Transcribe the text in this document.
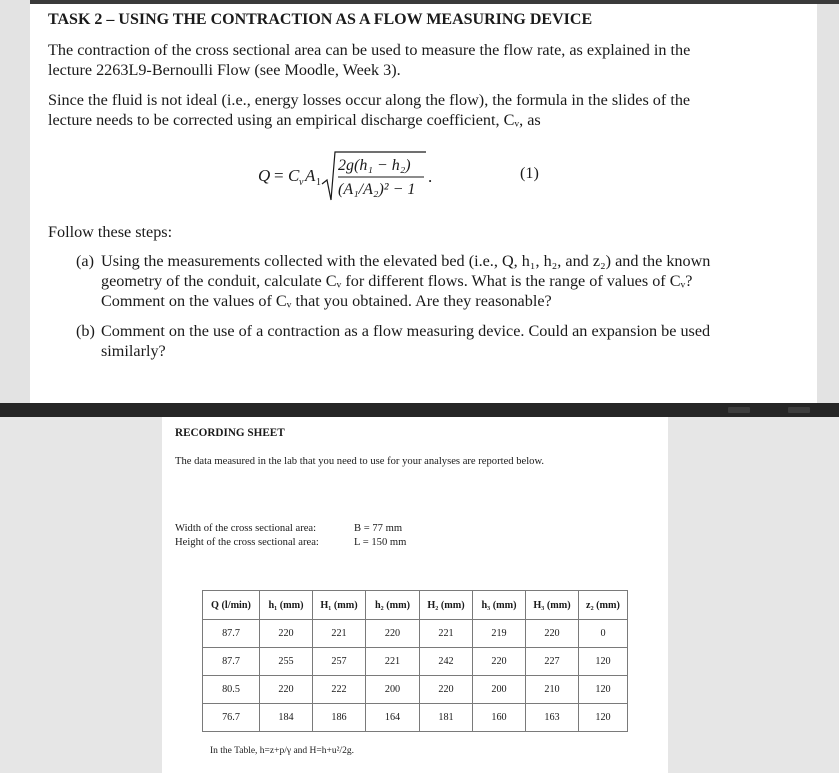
TASK 2 – USING THE CONTRACTION AS A FLOW MEASURING DEVICE

The contraction of the cross sectional area can be used to measure the flow rate, as explained in the

lecture 2263L9-Bernoulli Flow (see Moodle, Week 3).

Since the fluid is not ideal (i.e., energy losses occur along the flow), the formula in the slides of the

lecture needs to be corrected using an empirical discharge coefficient, Cᵥ, as

Q = C v A 1
2g(h₁ − h₂)
(A₁/A₂)² − 1
.	(1)

Follow these steps:

(a) Using the measurements collected with the elevated bed (i.e., Q, h₁, h₂, and z₂) and the known

geometry of the conduit, calculate Cᵥ for different flows. What is the range of values of Cᵥ?

Comment on the values of Cᵥ that you obtained. Are they reasonable?

(b) Comment on the use of a contraction as a flow measuring device. Could an expansion be used

similarly?

RECORDING SHEET
The data measured in the lab that you need to use for your analyses are reported below.
Width of the cross sectional area:	B = 77 mm
Height of the cross sectional area:	L = 150 mm
Q (l/min)	h₁ (mm)	H₁ (mm)	h₂ (mm)	H₂ (mm)	h₃ (mm)	H₃ (mm)	z₂ (mm)
87.7	220	221	220	221	219	220	0
87.7	255	257	221	242	220	227	120
80.5	220	222	200	220	200	210	120
76.7	184	186	164	181	160	163	120
In the Table, h=z+p/γ and H=h+u²/2g.
